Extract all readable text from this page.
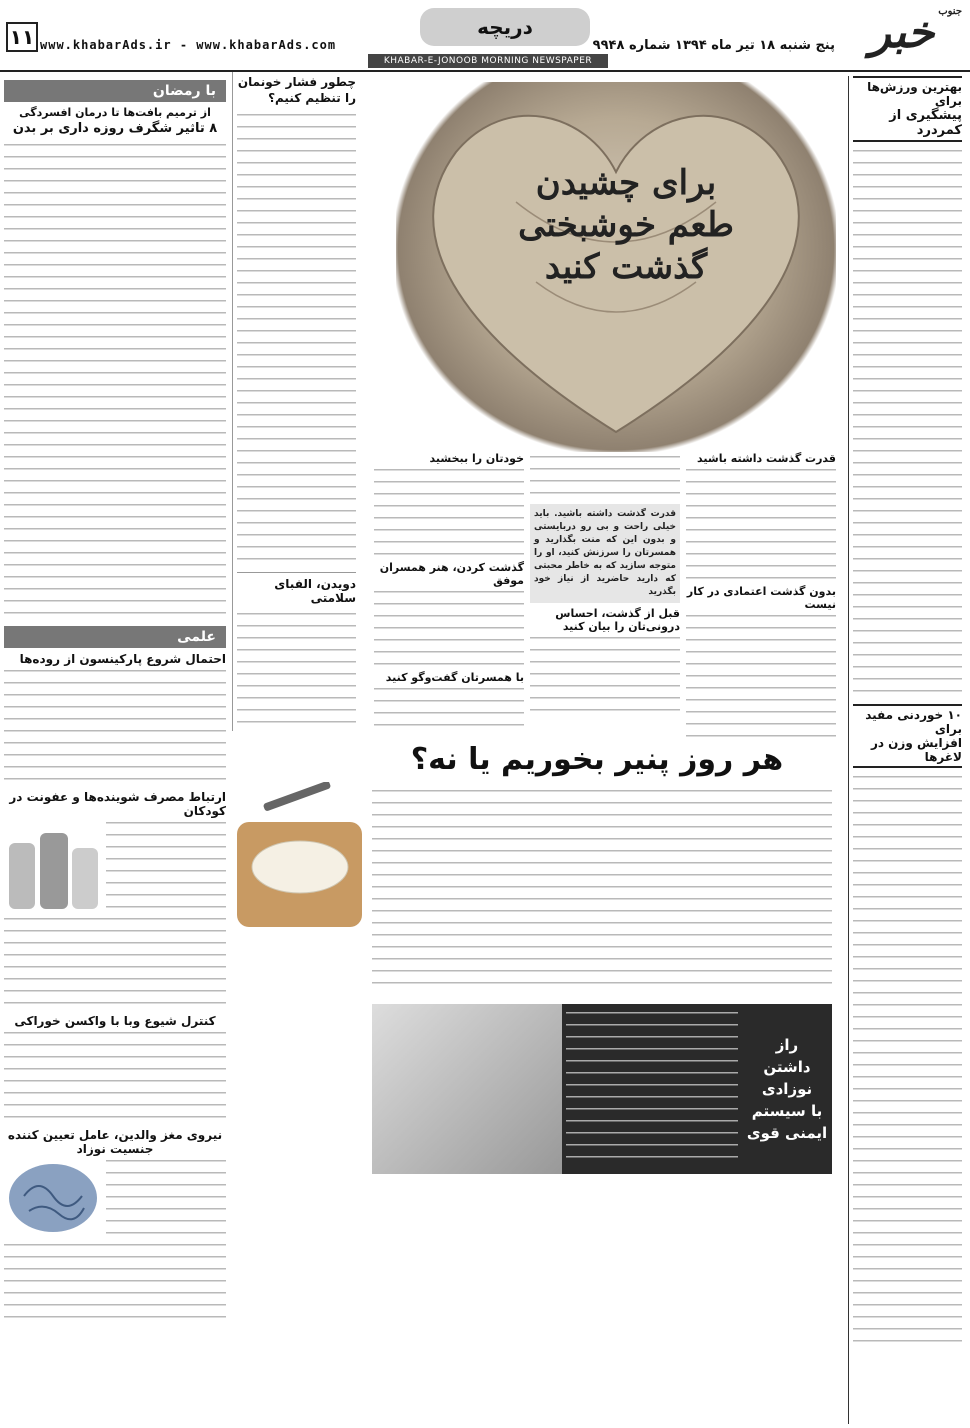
جنوب
خبر
پنج شنبه ۱۸ تیر ماه ۱۳۹۴ شماره ۹۹۴۸
دریچه
www.khabarAds.ir - www.khabarAds.com
۱۱
KHABAR-E-JONOOB MORNING NEWSPAPER
بهترین ورزش‌ها برای
پیشگیری از کمردرد
۱۰ خوردنی مفید برای
افزایش وزن در لاغرها
چطور فشار خونمان را تنظیم کنیم؟
دویدن، الفبای سلامتی
برای چشیدن طعم خوشبختی گذشت کنید
قدرت گذشت داشته باشید
بدون گذشت اعتمادی در کار نیست
قدرت گذشت داشته باشید. باید خیلی راحت و بی رو دربایستی و بدون این که منت بگذارید و همسرتان را سرزنش کنید، او را متوجه سازید که به خاطر محبتی که دارید حاضرید از نیاز خود بگذرید
قبل از گذشت، احساس درونی‌تان را بیان کنید
خودتان را ببخشید
گذشت کردن، هنر همسران موفق
با همسرتان گفت‌وگو کنید
هر روز پنیر بخوریم یا نه؟
راز
داشتن نوزادی
با سیستم
ایمنی قوی
با رمضان
از ترمیم بافت‌ها تا درمان افسردگی
۸ تاثیر شگرف روزه داری بر بدن
علمی
احتمال شروع پارکینسون از روده‌ها
ارتباط مصرف شوینده‌ها و عفونت در کودکان
کنترل شیوع وبا با واکسن خوراکی
نیروی مغز والدین، عامل تعیین کننده جنسیت نوزاد
